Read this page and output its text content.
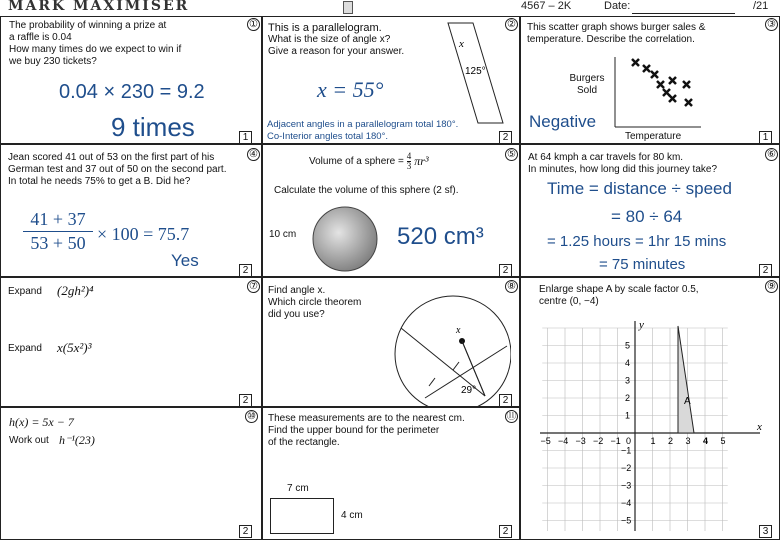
MARK MAXIMISER	4567 – 2K	Date:	/21
The probability of winning a prize at
a raffle is 0.04
How many times do we expect to win if
we buy 230 tickets?
0.04 × 230 = 9.2
9 times
①
1
This is a parallelogram.
What is the size of angle x?
Give a reason for your answer.
x
125°
x = 55°
Adjacent angles in a parallelogram total 180°.
Co-Interior angles total 180°.
②
2
This scatter graph shows burger sales &
temperature. Describe the correlation.
Burgers
Sold
Temperature
Negative
③
1
Jean scored 41 out of 53 on the first part of his
German test and 37 out of 50 on the second part.
In total he needs 75% to get a B. Did he?
41 + 37
53 + 50 × 100 = 75.7
Yes
④
2
Volume of a sphere = $\frac{4}{3} \pi r^3$
Calculate the volume of this sphere (2 sf).
10 cm	520 cm³
⑤
2
At 64 kmph a car travels for 80 km.
In minutes, how long did this journey take?
Time = distance ÷ speed
= 80 ÷ 64
= 1.25 hours = 1hr 15 mins
= 75 minutes
⑥
2
Expand (2gh²)⁴
Expand x(5x²)³
⑦
2
Find angle x.
Which circle theorem
did you use?
x
29°
⑧
2
Enlarge shape A by scale factor 0.5,
centre (0, −4)
A
x
y
−5 −4 −3 −2 −1 0 1 2 3 4 5
5
4
3
2
1
−1
−2
−3
−4
−5
⑨
3
h(x) = 5x − 7
Work out h⁻¹(23)
⑩
2
These measurements are to the nearest cm.
Find the upper bound for the perimeter
of the rectangle.
7 cm
4 cm
⑪
2
